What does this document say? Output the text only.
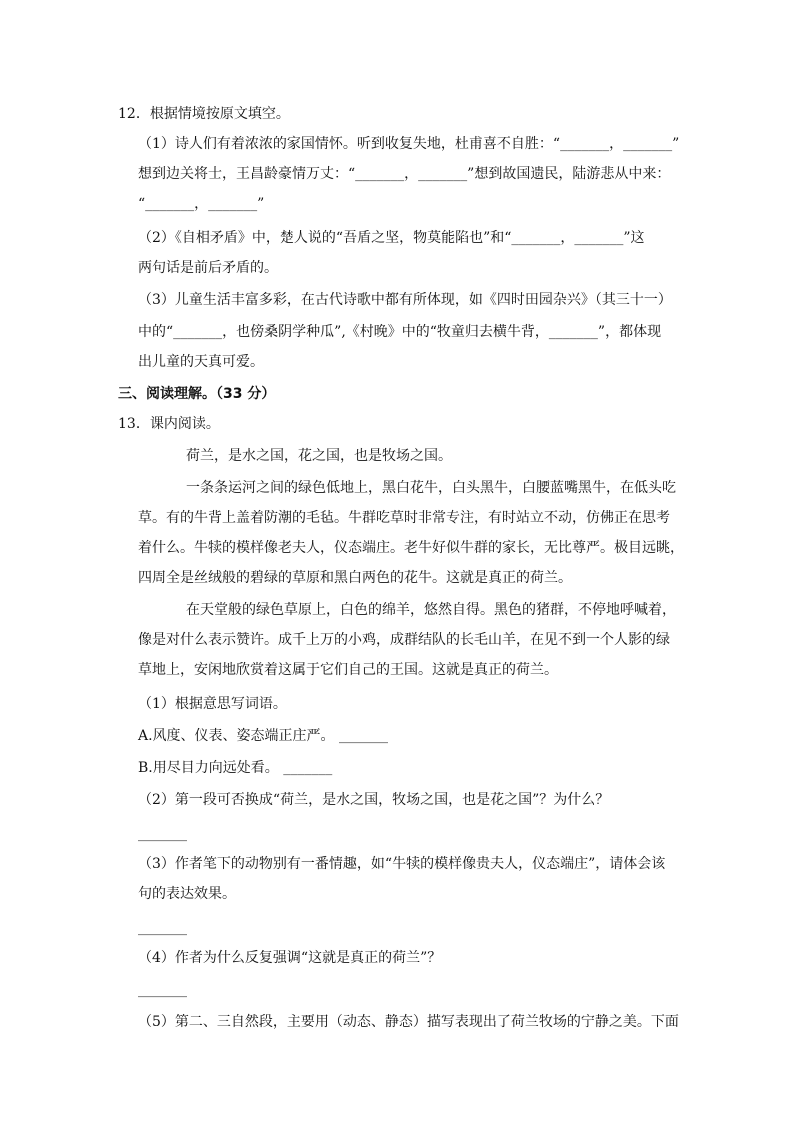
12．根据情境按原文填空。
（1）诗人们有着浓浓的家国情怀。听到收复失地，杜甫喜不自胜：“_______，_______”
想到边关将士，王昌龄豪情万丈：“_______，_______”想到故国遗民，陆游悲从中来：
“_______，_______”
（2）《自相矛盾》中，楚人说的“吾盾之坚，物莫能陷也”和“_______，_______”这
两句话是前后矛盾的。
（3）儿童生活丰富多彩，在古代诗歌中都有所体现，如《四时田园杂兴》（其三十一）
中的“_______，也傍桑阴学种瓜”,《村晚》中的“牧童归去横牛背，_______”，都体现
出儿童的天真可爱。
三、阅读理解。（33 分）
13．课内阅读。
荷兰，是水之国，花之国，也是牧场之国。
一条条运河之间的绿色低地上，黑白花牛，白头黑牛，白腰蓝嘴黑牛，在低头吃
草。有的牛背上盖着防潮的毛毡。牛群吃草时非常专注，有时站立不动，仿佛正在思考
着什么。牛犊的模样像老夫人，仪态端庄。老牛好似牛群的家长，无比尊严。极目远眺，
四周全是丝绒般的碧绿的草原和黑白两色的花牛。这就是真正的荷兰。
在天堂般的绿色草原上，白色的绵羊，悠然自得。黑色的猪群，不停地呼喊着，
像是对什么表示赞许。成千上万的小鸡，成群结队的长毛山羊，在见不到一个人影的绿
草地上，安闲地欣赏着这属于它们自己的王国。这就是真正的荷兰。
（1）根据意思写词语。
A.风度、仪表、姿态端正庄严。 _______
B.用尽目力向远处看。 _______
（2）第一段可否换成“荷兰，是水之国，牧场之国，也是花之国”？为什么？
_______
（3）作者笔下的动物别有一番情趣，如“牛犊的模样像贵夫人，仪态端庄”，请体会该
句的表达效果。
_______
（4）作者为什么反复强调“这就是真正的荷兰”？
_______
（5）第二、三自然段，主要用（动态、静态）描写表现出了荷兰牧场的宁静之美。下面
